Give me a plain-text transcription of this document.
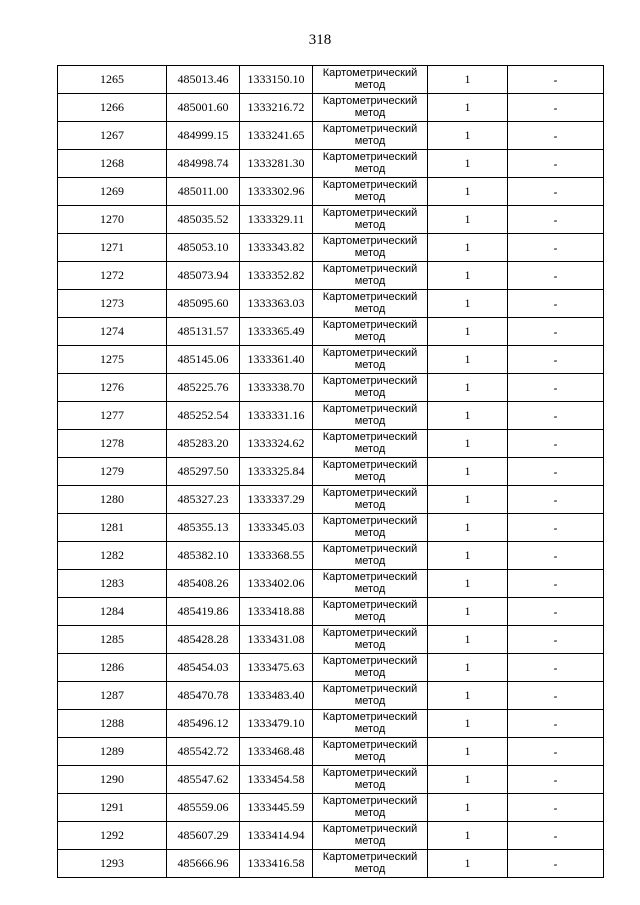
318
1265	485013.46	1333150.10	Картометрический
метод	1	-
1266	485001.60	1333216.72	Картометрический
метод	1	-
1267	484999.15	1333241.65	Картометрический
метод	1	-
1268	484998.74	1333281.30	Картометрический
метод	1	-
1269	485011.00	1333302.96	Картометрический
метод	1	-
1270	485035.52	1333329.11	Картометрический
метод	1	-
1271	485053.10	1333343.82	Картометрический
метод	1	-
1272	485073.94	1333352.82	Картометрический
метод	1	-
1273	485095.60	1333363.03	Картометрический
метод	1	-
1274	485131.57	1333365.49	Картометрический
метод	1	-
1275	485145.06	1333361.40	Картометрический
метод	1	-
1276	485225.76	1333338.70	Картометрический
метод	1	-
1277	485252.54	1333331.16	Картометрический
метод	1	-
1278	485283.20	1333324.62	Картометрический
метод	1	-
1279	485297.50	1333325.84	Картометрический
метод	1	-
1280	485327.23	1333337.29	Картометрический
метод	1	-
1281	485355.13	1333345.03	Картометрический
метод	1	-
1282	485382.10	1333368.55	Картометрический
метод	1	-
1283	485408.26	1333402.06	Картометрический
метод	1	-
1284	485419.86	1333418.88	Картометрический
метод	1	-
1285	485428.28	1333431.08	Картометрический
метод	1	-
1286	485454.03	1333475.63	Картометрический
метод	1	-
1287	485470.78	1333483.40	Картометрический
метод	1	-
1288	485496.12	1333479.10	Картометрический
метод	1	-
1289	485542.72	1333468.48	Картометрический
метод	1	-
1290	485547.62	1333454.58	Картометрический
метод	1	-
1291	485559.06	1333445.59	Картометрический
метод	1	-
1292	485607.29	1333414.94	Картометрический
метод	1	-
1293	485666.96	1333416.58	Картометрический
метод	1	-
